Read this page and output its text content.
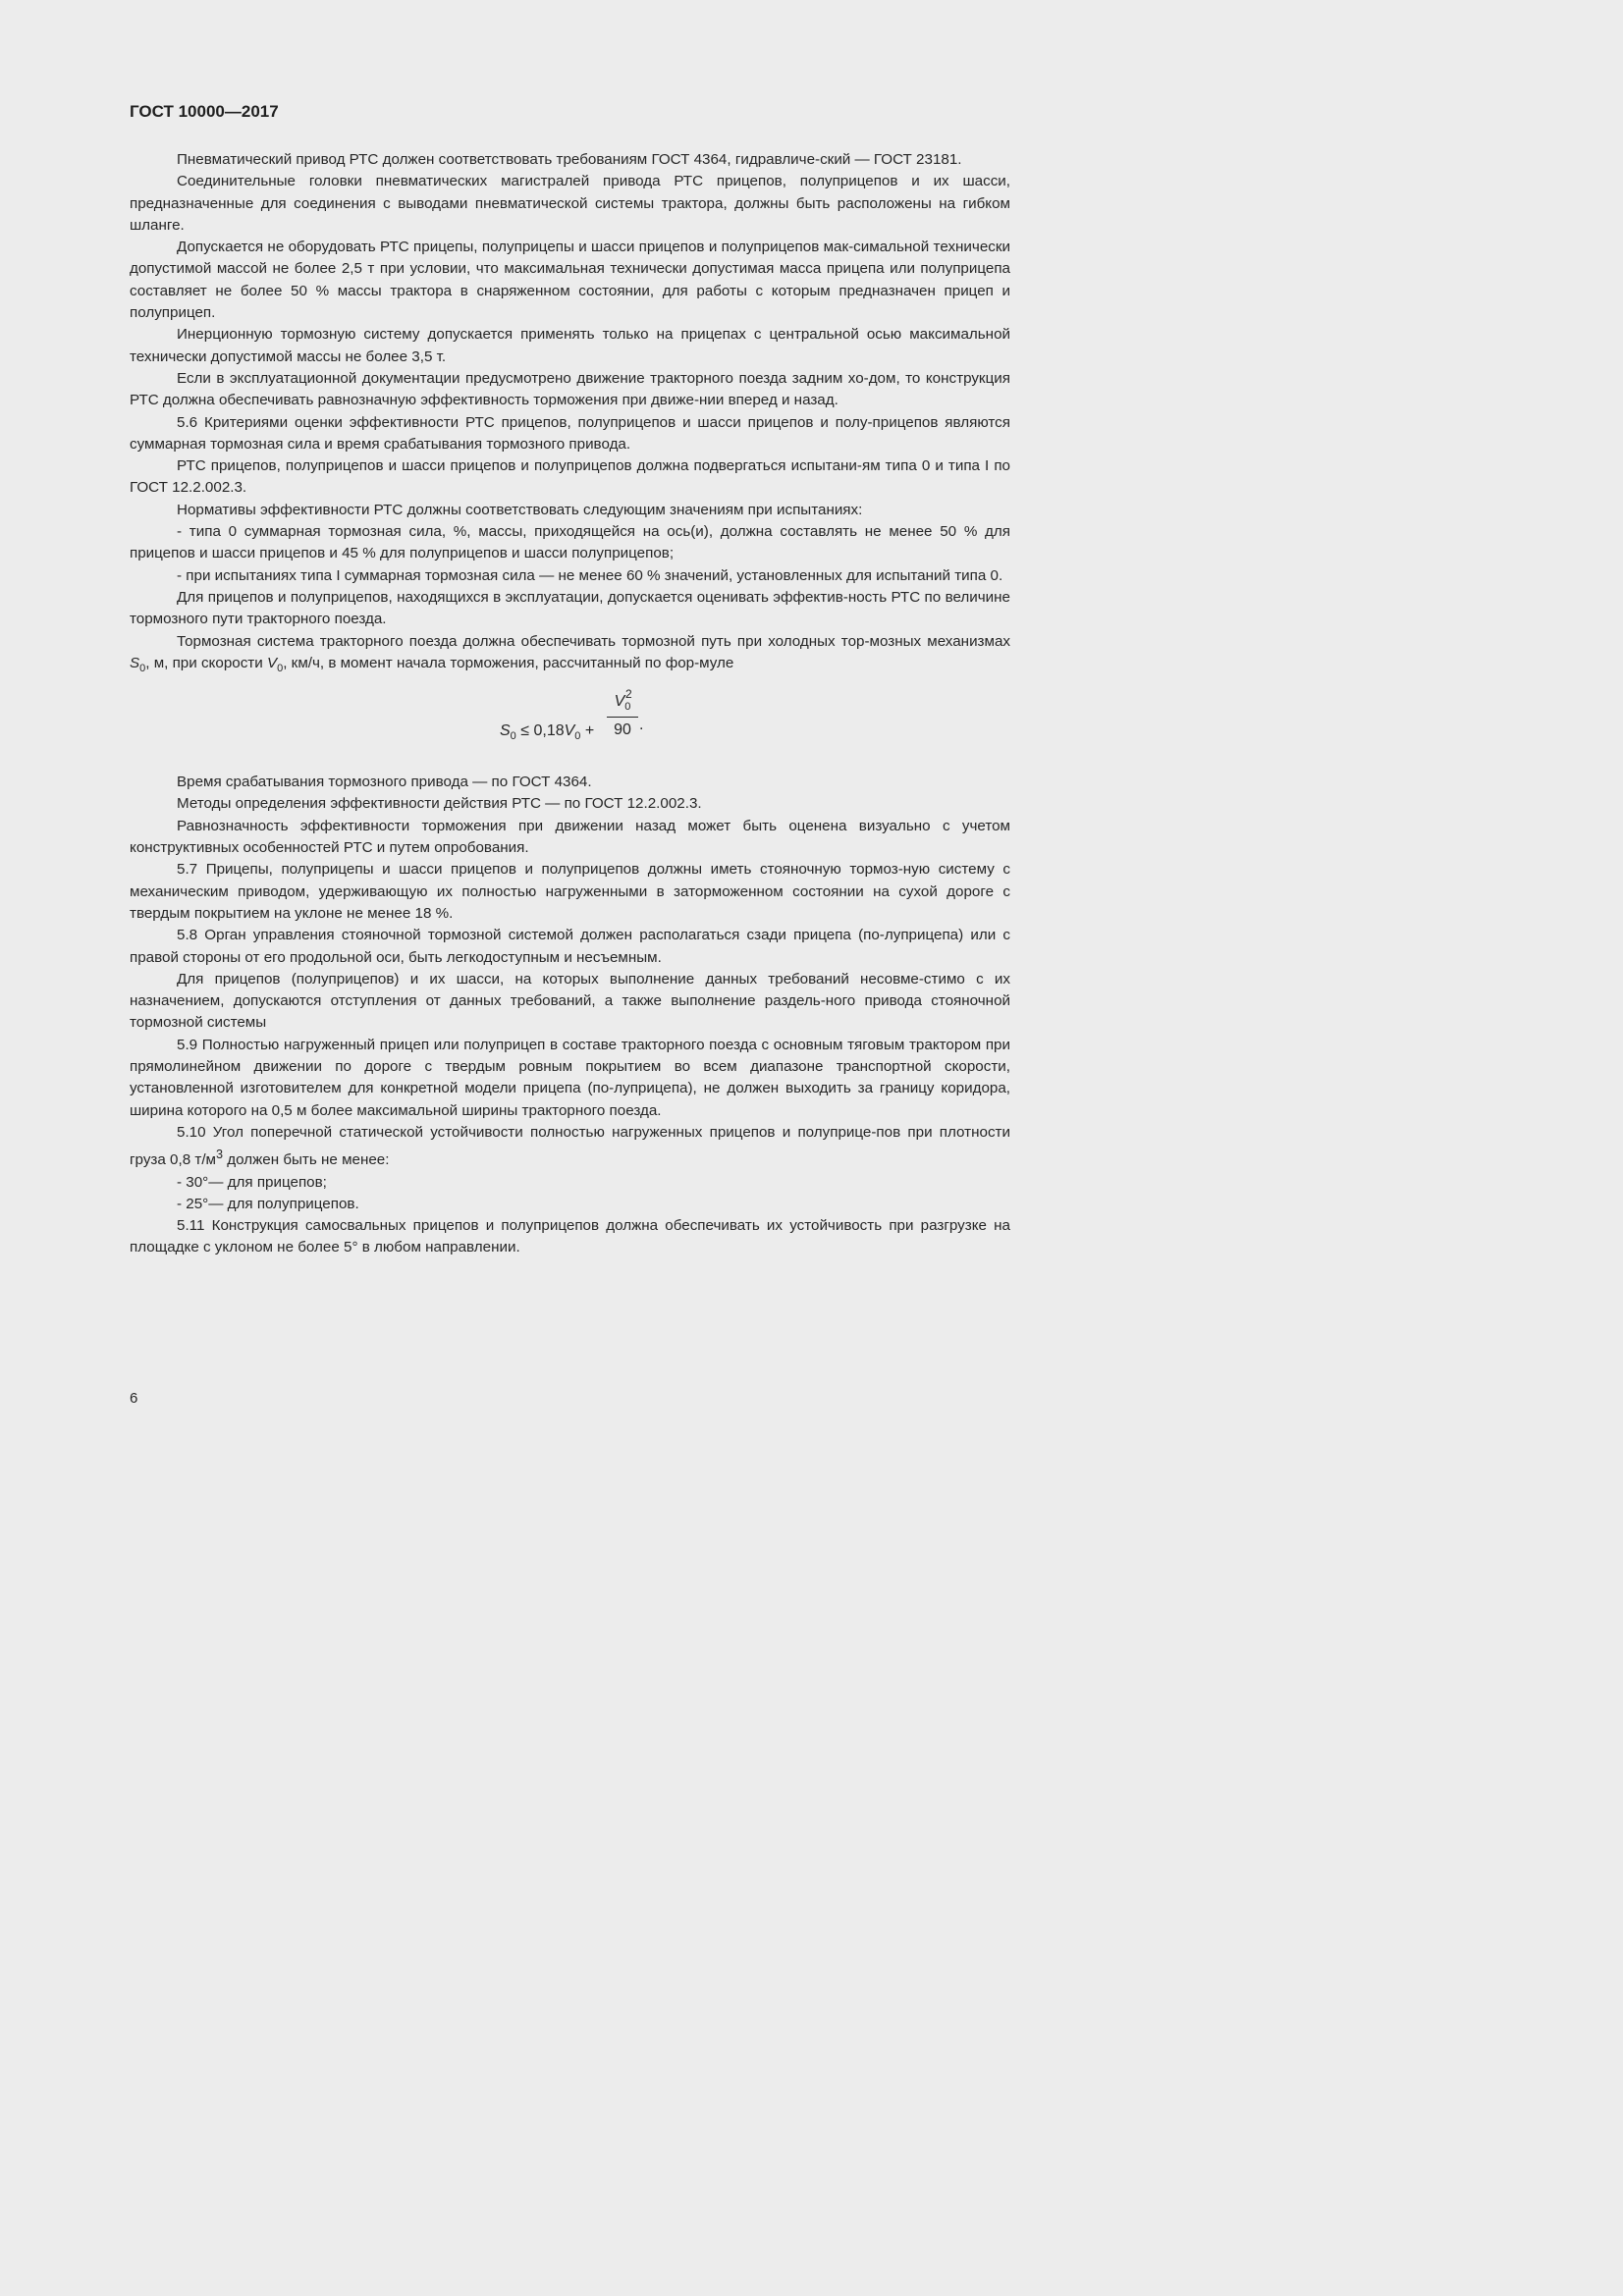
ГОСТ 10000—2017

Пневматический привод РТС должен соответствовать требованиям ГОСТ 4364, гидравличе-ский — ГОСТ 23181.

Соединительные головки пневматических магистралей привода РТС прицепов, полуприцепов и их шасси, предназначенные для соединения с выводами пневматической системы трактора, должны быть расположены на гибком шланге.

Допускается не оборудовать РТС прицепы, полуприцепы и шасси прицепов и полуприцепов мак-симальной технически допустимой массой не более 2,5 т при условии, что максимальная технически допустимая масса прицепа или полуприцепа составляет не более 50 % массы трактора в снаряженном состоянии, для работы с которым предназначен прицеп и полуприцеп.

Инерционную тормозную систему допускается применять только на прицепах с центральной осью максимальной технически допустимой массы не более 3,5 т.

Если в эксплуатационной документации предусмотрено движение тракторного поезда задним хо-дом, то конструкция РТС должна обеспечивать равнозначную эффективность торможения при движе-нии вперед и назад.

5.6 Критериями оценки эффективности РТС прицепов, полуприцепов и шасси прицепов и полу-прицепов являются суммарная тормозная сила и время срабатывания тормозного привода.

РТС прицепов, полуприцепов и шасси прицепов и полуприцепов должна подвергаться испытани-ям типа 0 и типа I по ГОСТ 12.2.002.3.

Нормативы эффективности РТС должны соответствовать следующим значениям при испытаниях:

- типа 0 суммарная тормозная сила, %, массы, приходящейся на ось(и), должна составлять не менее 50 % для прицепов и шасси прицепов и 45 % для полуприцепов и шасси полуприцепов;

- при испытаниях типа I суммарная тормозная сила — не менее 60 % значений, установленных для испытаний типа 0.

Для прицепов и полуприцепов, находящихся в эксплуатации, допускается оценивать эффектив-ность РТС по величине тормозного пути тракторного поезда.

Тормозная система тракторного поезда должна обеспечивать тормозной путь при холодных тор-мозных механизмах $S_0$, м, при скорости $V_0$, км/ч, в момент начала торможения, рассчитанный по фор-муле

$S_0 \le 0,18V_0$ +
$V_0$
2
90 .

Время срабатывания тормозного привода — по ГОСТ 4364.

Методы определения эффективности действия РТС — по ГОСТ 12.2.002.3.

Равнозначность эффективности торможения при движении назад может быть оценена визуально с учетом конструктивных особенностей РТС и путем опробования.

5.7 Прицепы, полуприцепы и шасси прицепов и полуприцепов должны иметь стояночную тормоз-ную систему с механическим приводом, удерживающую их полностью нагруженными в заторможенном состоянии на сухой дороге с твердым покрытием на уклоне не менее 18 %.

5.8 Орган управления стояночной тормозной системой должен располагаться сзади прицепа (по-луприцепа) или с правой стороны от его продольной оси, быть легкодоступным и несъемным.

Для прицепов (полуприцепов) и их шасси, на которых выполнение данных требований несовме-стимо с их назначением, допускаются отступления от данных требований, а также выполнение раздель-ного привода стояночной тормозной системы

5.9 Полностью нагруженный прицеп или полуприцеп в составе тракторного поезда с основным тяговым трактором при прямолинейном движении по дороге с твердым ровным покрытием во всем диапазоне транспортной скорости, установленной изготовителем для конкретной модели прицепа (по-луприцепа), не должен выходить за границу коридора, ширина которого на 0,5 м более максимальной ширины тракторного поезда.

5.10 Угол поперечной статической устойчивости полностью нагруженных прицепов и полуприце-пов при плотности груза 0,8 $т/м^3$ должен быть не менее:

- 30°— для прицепов;

- 25°— для полуприцепов.

5.11 Конструкция самосвальных прицепов и полуприцепов должна обеспечивать их устойчивость при разгрузке на площадке с уклоном не более 5° в любом направлении.

6
